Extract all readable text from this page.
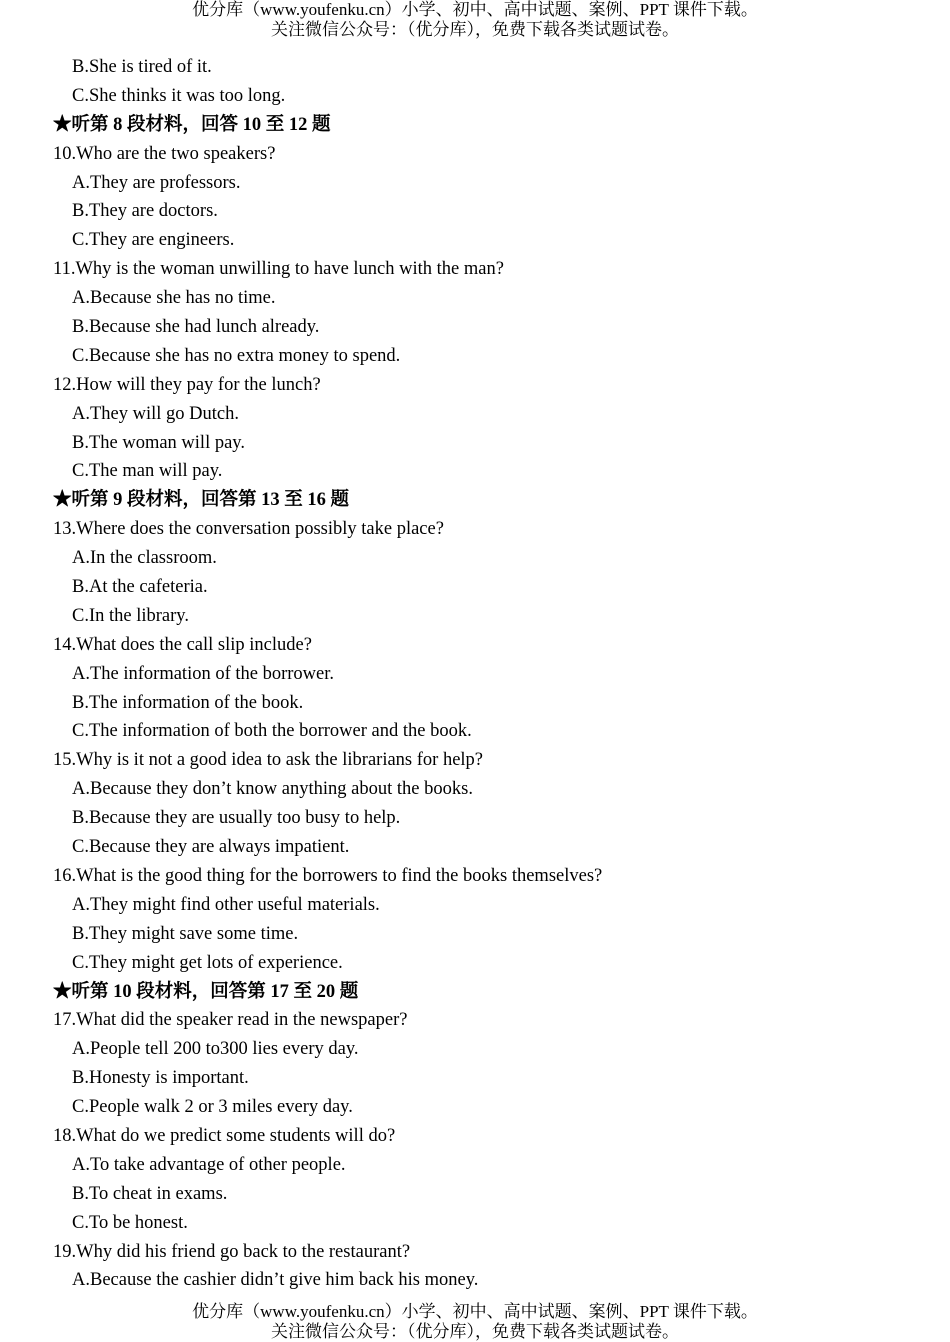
优分库（www.youfenku.cn）小学、初中、高中试题、案例、PPT 课件下载。
关注微信公众号：（优分库），免费下载各类试题试卷。
B.She is tired of it.
C.She thinks it was too long.
★听第 8 段材料，回答 10 至 12 题
10.Who are the two speakers?
A.They are professors.
B.They are doctors.
C.They are engineers.
11.Why is the woman unwilling to have lunch with the man?
A.Because she has no time.
B.Because she had lunch already.
C.Because she has no extra money to spend.
12.How will they pay for the lunch?
A.They will go Dutch.
B.The woman will pay.
C.The man will pay.
★听第 9 段材料，回答第 13 至 16 题
13.Where does the conversation possibly take place?
A.In the classroom.
B.At the cafeteria.
C.In the library.
14.What does the call slip include?
A.The information of the borrower.
B.The information of the book.
C.The information of both the borrower and the book.
15.Why is it not a good idea to ask the librarians for help?
A.Because they don’t know anything about the books.
B.Because they are usually too busy to help.
C.Because they are always impatient.
16.What is the good thing for the borrowers to find the books themselves?
A.They might find other useful materials.
B.They might save some time.
C.They might get lots of experience.
★听第 10 段材料，回答第 17 至 20 题
17.What did the speaker read in the newspaper?
A.People tell 200 to300 lies every day.
B.Honesty is important.
C.People walk 2 or 3 miles every day.
18.What do we predict some students will do?
A.To take advantage of other people.
B.To cheat in exams.
C.To be honest.
19.Why did his friend go back to the restaurant?
A.Because the cashier didn’t give him back his money.
优分库（www.youfenku.cn）小学、初中、高中试题、案例、PPT 课件下载。
关注微信公众号：（优分库），免费下载各类试题试卷。
